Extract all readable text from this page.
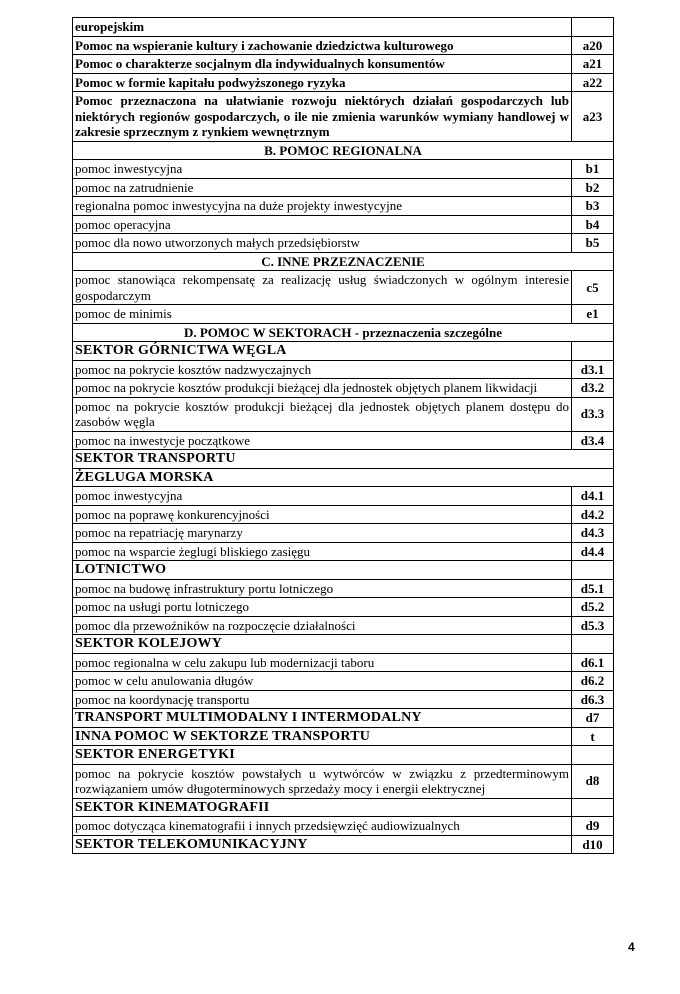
europejskim	
Pomoc na wspieranie kultury i zachowanie dziedzictwa kulturowego	a20
Pomoc o charakterze socjalnym dla indywidualnych konsumentów	a21
Pomoc w formie kapitału podwyższonego ryzyka	a22
Pomoc przeznaczona na ułatwianie rozwoju niektórych działań gospodarczych lub niektórych regionów gospodarczych, o ile nie zmienia warunków wymiany handlowej w zakresie sprzecznym z rynkiem wewnętrznym	a23
B. POMOC REGIONALNA	
pomoc inwestycyjna	b1
pomoc na zatrudnienie	b2
regionalna pomoc inwestycyjna na duże projekty inwestycyjne	b3
pomoc operacyjna	b4
pomoc dla nowo utworzonych małych przedsiębiorstw	b5
C. INNE PRZEZNACZENIE	
pomoc stanowiąca rekompensatę za realizację usług świadczonych w ogólnym interesie gospodarczym	c5
pomoc de minimis	e1
D. POMOC W SEKTORACH - przeznaczenia szczególne	
SEKTOR GÓRNICTWA WĘGLA	
pomoc na pokrycie kosztów nadzwyczajnych	d3.1
pomoc na pokrycie kosztów produkcji bieżącej dla jednostek objętych planem likwidacji	d3.2
pomoc na pokrycie kosztów produkcji bieżącej dla jednostek objętych planem dostępu do zasobów węgla	d3.3
pomoc na inwestycje początkowe	d3.4
SEKTOR TRANSPORTU	
ŻEGLUGA MORSKA	
pomoc inwestycyjna	d4.1
pomoc na poprawę konkurencyjności	d4.2
pomoc na repatriację marynarzy	d4.3
pomoc na wsparcie żeglugi bliskiego zasięgu	d4.4
LOTNICTWO	
pomoc na budowę infrastruktury portu lotniczego	d5.1
pomoc na usługi portu lotniczego	d5.2
pomoc dla przewoźników na rozpoczęcie działalności	d5.3
SEKTOR KOLEJOWY	
pomoc regionalna w celu zakupu lub modernizacji taboru	d6.1
pomoc w celu anulowania długów	d6.2
pomoc na koordynację transportu	d6.3
TRANSPORT MULTIMODALNY I INTERMODALNY	d7
INNA POMOC W SEKTORZE TRANSPORTU	t
SEKTOR ENERGETYKI	
pomoc na pokrycie kosztów powstałych u wytwórców w związku z przedterminowym rozwiązaniem umów długoterminowych sprzedaży mocy i energii elektrycznej	d8
SEKTOR KINEMATOGRAFII	
pomoc dotycząca kinematografii i innych przedsięwzięć audiowizualnych	d9
SEKTOR TELEKOMUNIKACYJNY	d10
4
